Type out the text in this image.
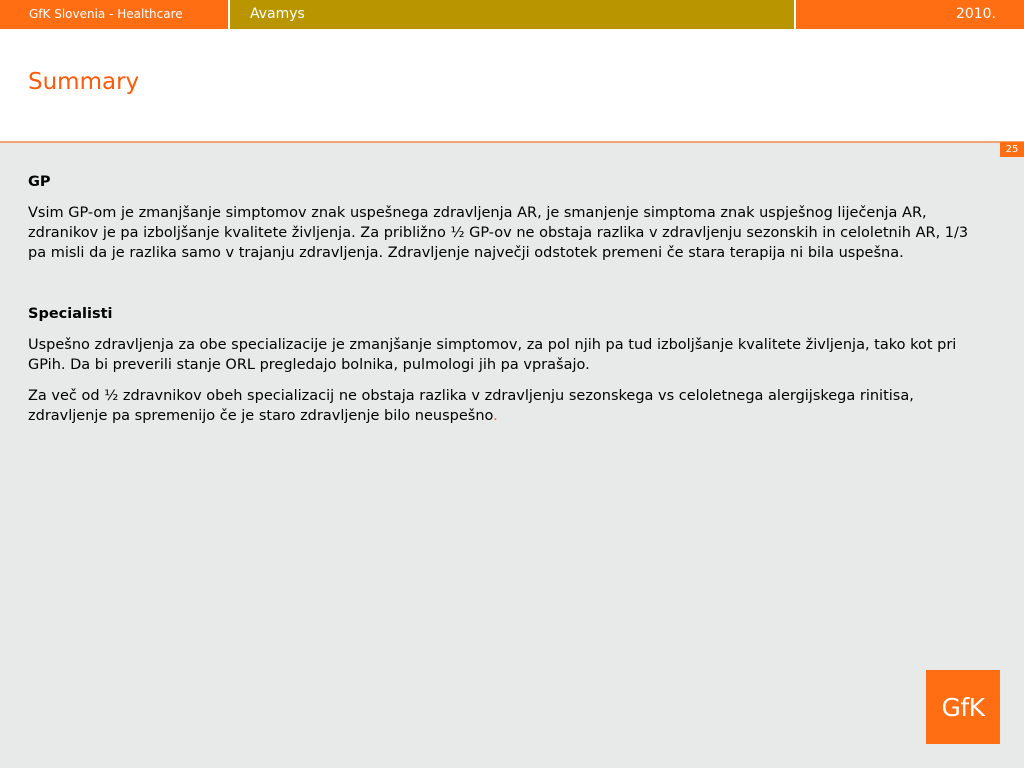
GfK Slovenia - Healthcare	Avamys	2010.
Summary
25

GP

Vsim GP-om je zmanjšanje simptomov znak uspešnega zdravljenja AR, je smanjenje simptoma znak uspješnog liječenja AR, zdranikov je pa izboljšanje kvalitete življenja. Za približno ½ GP-ov ne obstaja razlika v zdravljenju sezonskih in celoletnih AR, 1/3 pa misli da je razlika samo v trajanju zdravljenja. Zdravljenje največji odstotek premeni če stara terapija ni bila uspešna.

Specialisti

Uspešno zdravljenja za obe specializacije je zmanjšanje simptomov, za pol njih pa tud izboljšanje kvalitete življenja, tako kot pri GPih. Da bi preverili stanje ORL pregledajo bolnika, pulmologi jih pa vprašajo.

Za več od ½ zdravnikov obeh specializacij ne obstaja razlika v zdravljenju sezonskega vs celoletnega alergijskega rinitisa, zdravljenje pa spremenijo če je staro zdravljenje bilo neuspešno.

GfK
